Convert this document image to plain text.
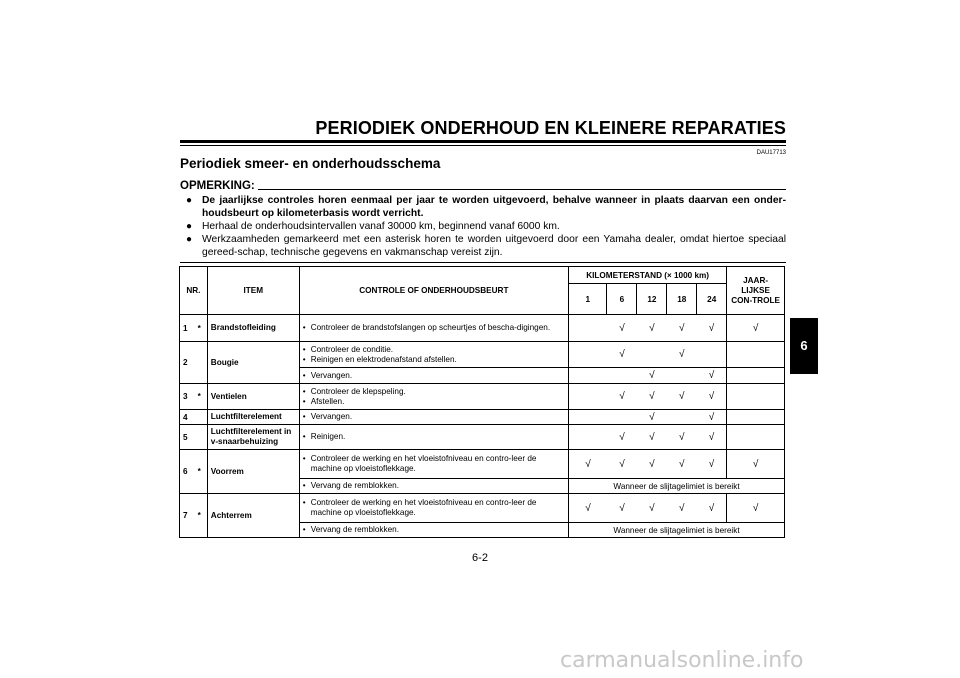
PERIODIEK ONDERHOUD EN KLEINERE REPARATIES
DAU17713
Periodiek smeer- en onderhoudsschema
OPMERKING:
● De jaarlijkse controles horen eenmaal per jaar te worden uitgevoerd, behalve wanneer in plaats daarvan een onder-houdsbeurt op kilometerbasis wordt verricht.
● Herhaal de onderhoudsintervallen vanaf 30000 km, beginnend vanaf 6000 km.
● Werkzaamheden gemarkeerd met een asterisk horen te worden uitgevoerd door een Yamaha dealer, omdat hiertoe speciaal gereed-schap, technische gegevens en vakmanschap vereist zijn.
NR.		ITEM	CONTROLE OF ONDERHOUDSBEURT	KILOMETERSTAND (× 1000 km)					JAAR-LIJKSE CON-TROLE
				1	6	12	18	24	
1	*	Brandstofleiding	• Controleer de brandstofslangen op scheurtjes of bescha-digingen.		√	√	√	√	√
2		Bougie	• Controleer de conditie.
• Reinigen en elektrodenafstand afstellen.		√		√		

			• Vervangen.			√		√	
3	*	Ventielen	• Controleer de klepspeling.
• Afstellen.		√	√	√	√	
4		Luchtfilterelement	• Vervangen.			√		√	
5		Luchtfilterelement in v-snaarbehuizing	• Reinigen.		√	√	√	√	
6	*	Voorrem	• Controleer de werking en het vloeistofniveau en contro-leer de machine op vloeistoflekkage.	√	√	√	√	√	√

			• Vervang de remblokken.	Wanneer de slijtagelimiet is bereikt					
7	*	Achterrem	• Controleer de werking en het vloeistofniveau en contro-leer de machine op vloeistoflekkage.	√	√	√	√	√	√

			• Vervang de remblokken.	Wanneer de slijtagelimiet is bereikt					
6
6-2
carmanualsonline.info
